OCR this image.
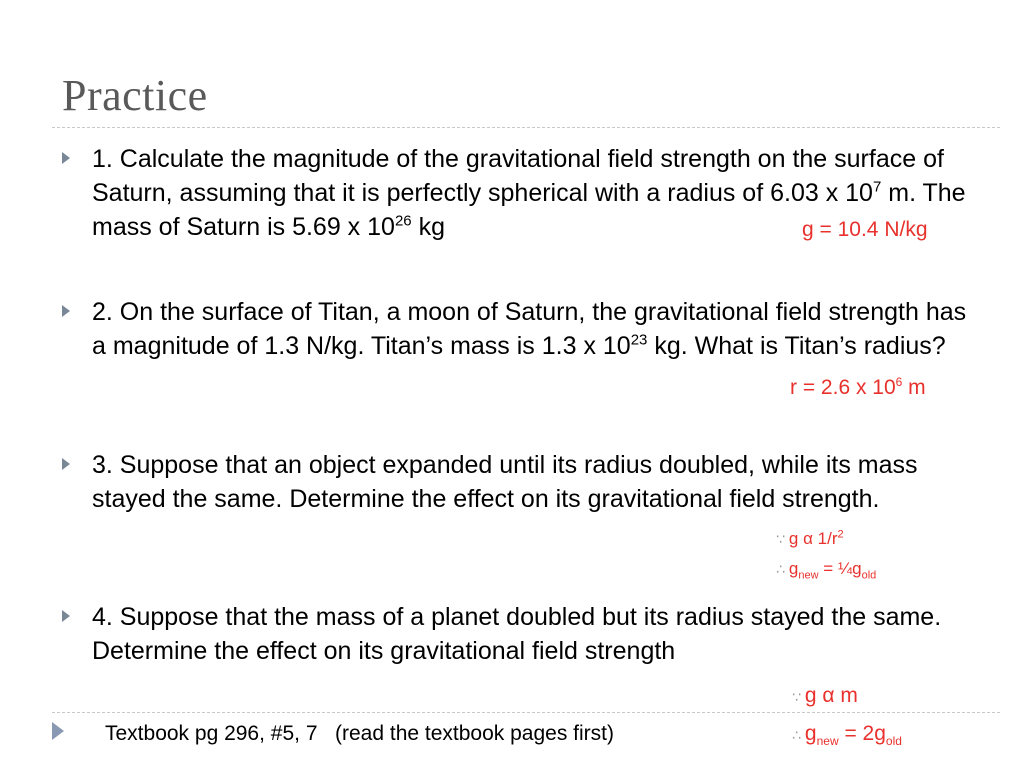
Practice
1. Calculate the magnitude of the gravitational field strength on the surface of Saturn, assuming that it is perfectly spherical with a radius of 6.03 x $10^7$ m. The mass of Saturn is 5.69 x $10^{26}$ kg	g = 10.4 N/kg
2. On the surface of Titan, a moon of Saturn, the gravitational field strength has a magnitude of 1.3 N/kg. Titan’s mass is 1.3 x $10^{23}$ kg. What is Titan’s radius?
r = 2.6 x $10^6$ m
3. Suppose that an object expanded until its radius doubled, while its mass stayed the same. Determine the effect on its gravitational field strength.
∵ g α $1/r^2$
∴ $g_{new}$ = $\frac{1}{4}g_{old}$
4. Suppose that the mass of a planet doubled but its radius stayed the same. Determine the effect on its gravitational field strength
∵ g α m
∴ $g_{new} = 2g_{old}$
Textbook pg 296, #5, 7   (read the textbook pages first)
